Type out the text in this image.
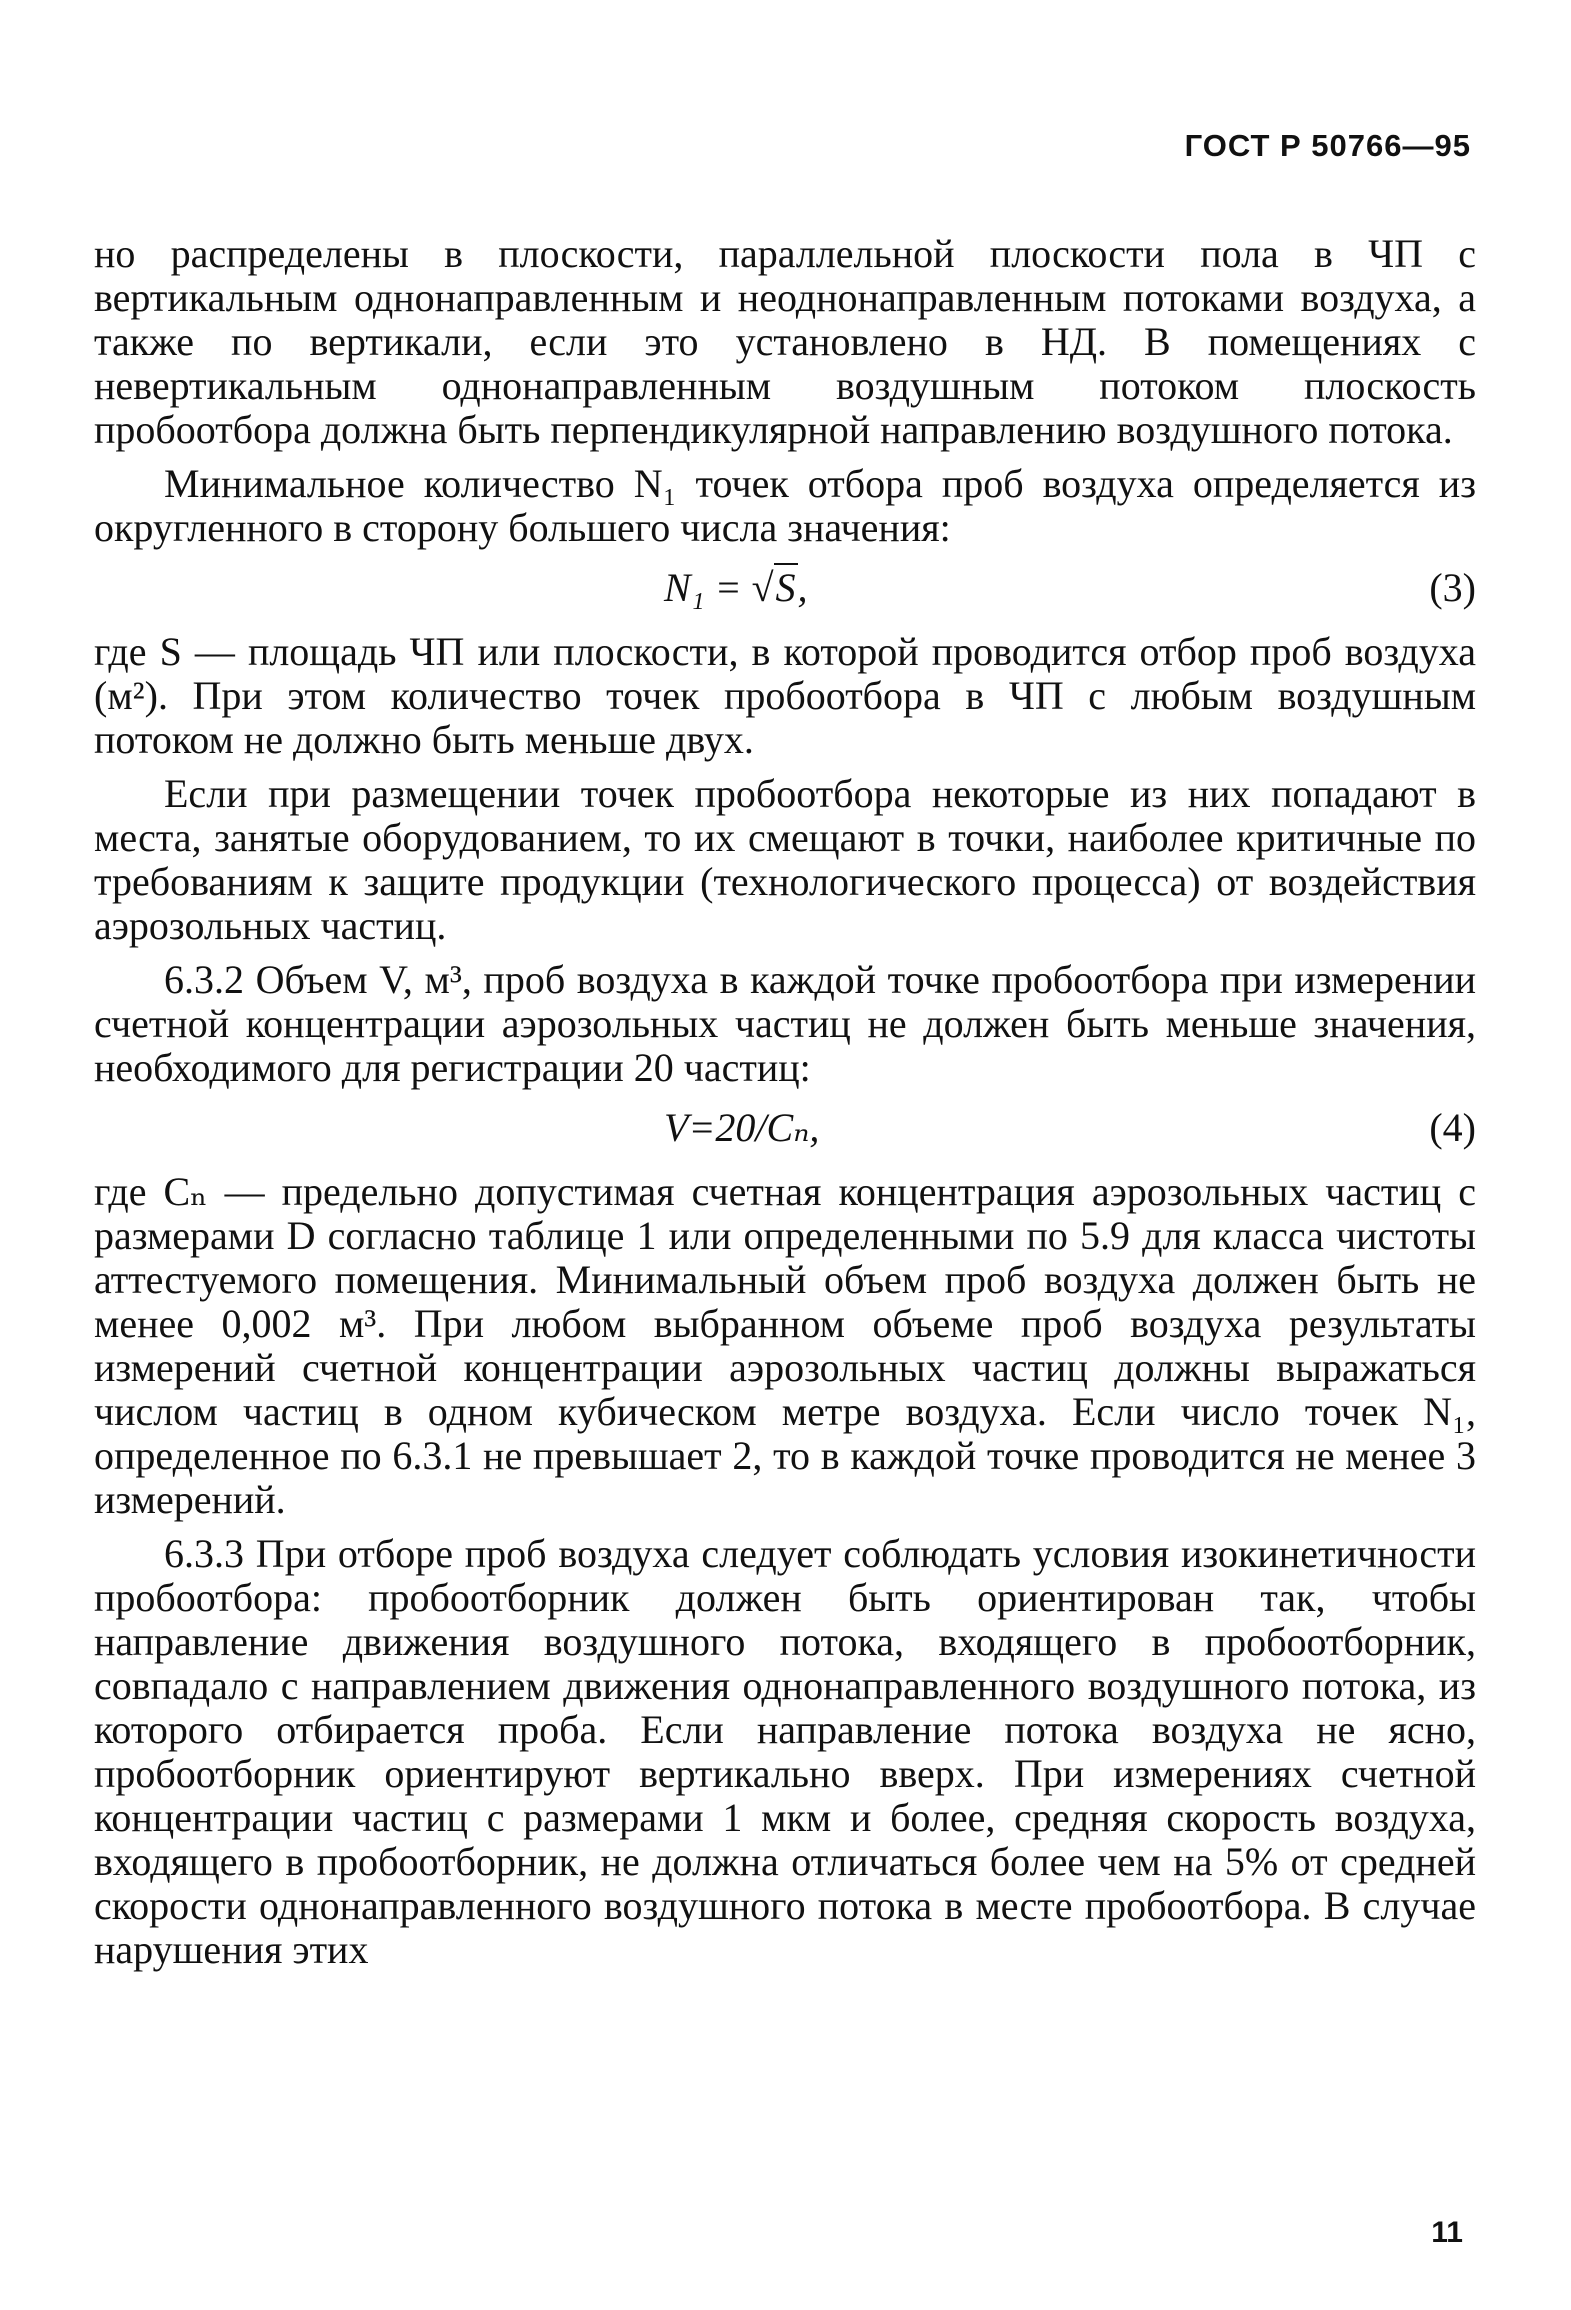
ГОСТ Р 50766—95

но распределены в плоскости, параллельной плоскости пола в ЧП с вертикальным однонаправленным и неоднонаправленным потоками воздуха, а также по вертикали, если это установлено в НД. В помещениях с невертикальным однонаправленным воздушным потоком плоскость пробоотбора должна быть перпендикулярной направлению воздушного потока.

Минимальное количество N₁ точек отбора проб воздуха определяется из округленного в сторону большего числа значения:

N₁ = √S,	(3)

где S — площадь ЧП или плоскости, в которой проводится отбор проб воздуха (м²). При этом количество точек пробоотбора в ЧП с любым воздушным потоком не должно быть меньше двух.

Если при размещении точек пробоотбора некоторые из них попадают в места, занятые оборудованием, то их смещают в точки, наиболее критичные по требованиям к защите продукции (технологического процесса) от воздействия аэрозольных частиц.

6.3.2 Объем V, м³, проб воздуха в каждой точке пробоотбора при измерении счетной концентрации аэрозольных частиц не должен быть меньше значения, необходимого для регистрации 20 частиц:

V=20/Cₙ,	(4)

где Cₙ — предельно допустимая счетная концентрация аэрозольных частиц с размерами D согласно таблице 1 или определенными по 5.9 для класса чистоты аттестуемого помещения. Минимальный объем проб воздуха должен быть не менее 0,002 м³. При любом выбранном объеме проб воздуха результаты измерений счетной концентрации аэрозольных частиц должны выражаться числом частиц в одном кубическом метре воздуха. Если число точек N₁, определенное по 6.3.1 не превышает 2, то в каждой точке проводится не менее 3 измерений.

6.3.3 При отборе проб воздуха следует соблюдать условия изокинетичности пробоотбора: пробоотборник должен быть ориентирован так, чтобы направление движения воздушного потока, входящего в пробоотборник, совпадало с направлением движения однонаправленного воздушного потока, из которого отбирается проба. Если направление потока воздуха не ясно, пробоотборник ориентируют вертикально вверх. При измерениях счетной концентрации частиц с размерами 1 мкм и более, средняя скорость воздуха, входящего в пробоотборник, не должна отличаться более чем на 5% от средней скорости однонаправленного воздушного потока в месте пробоотбора. В случае нарушения этих

11
